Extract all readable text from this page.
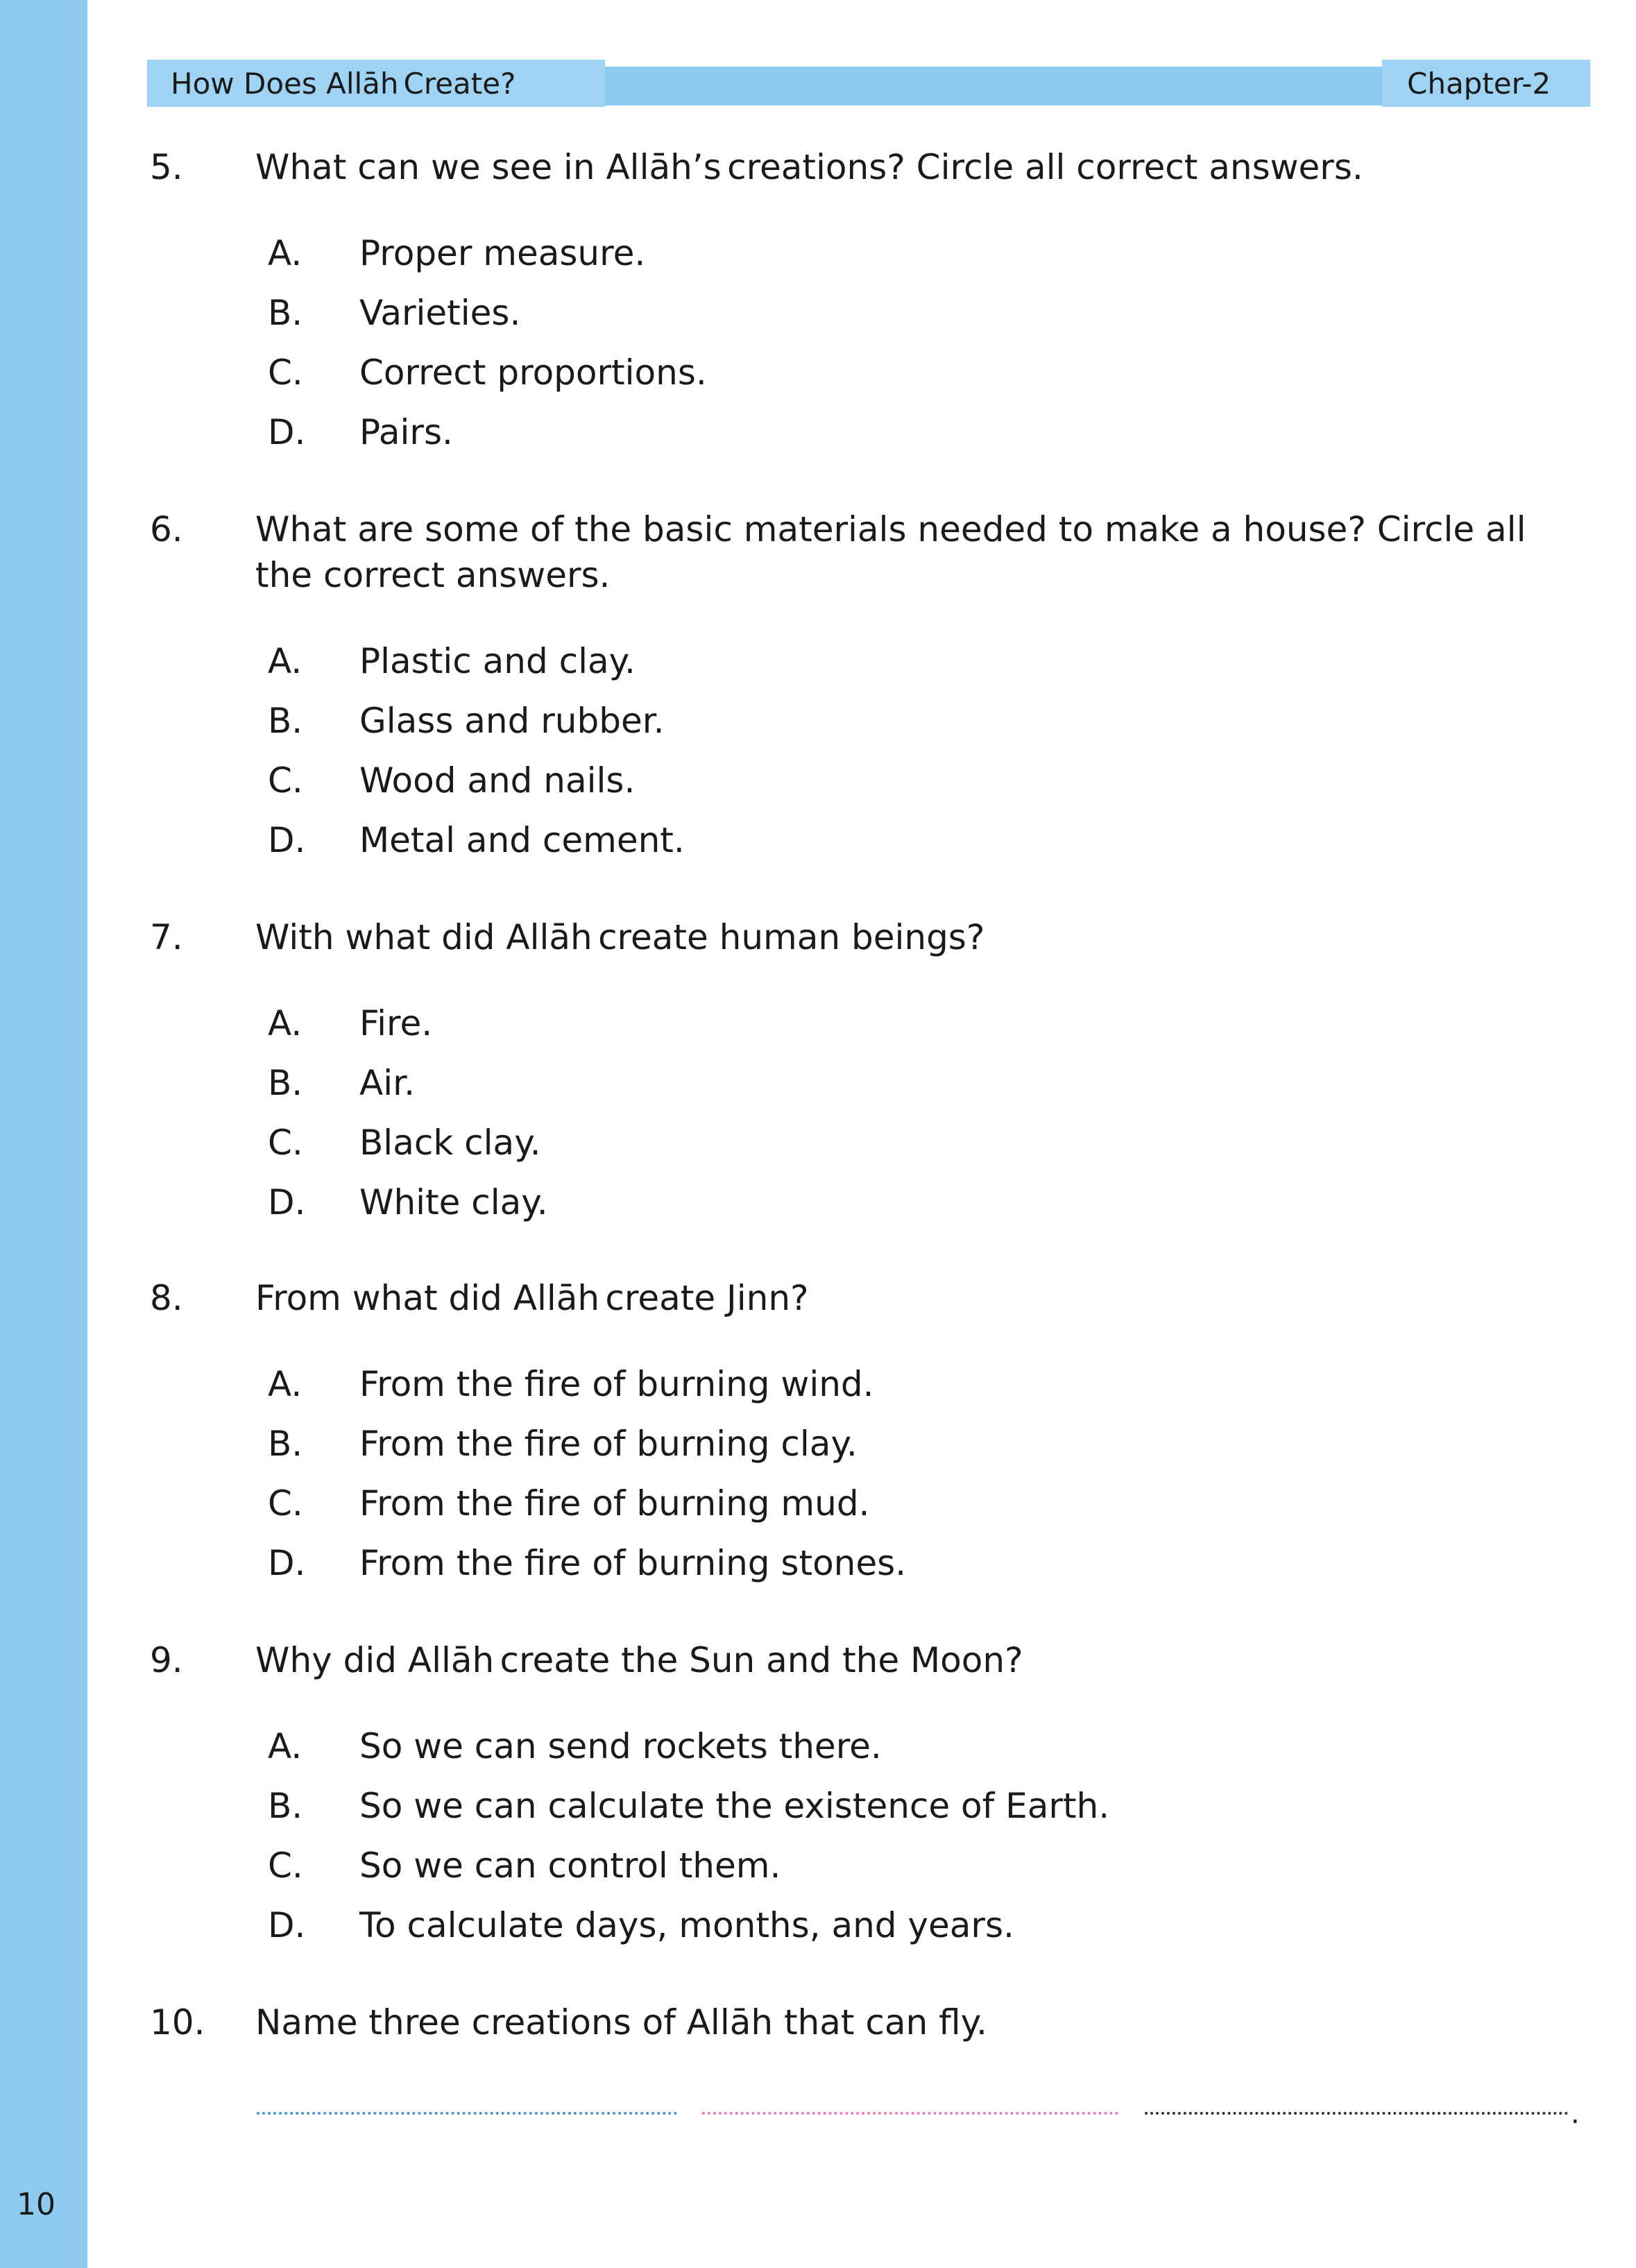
10
How Does Allāh Create?	Chapter-2
5. What can we see in Allāh’s creations? Circle all correct answers.
A. Proper measure.
B. Varieties.
C. Correct proportions.
D. Pairs.
6. What are some of the basic materials needed to make a house? Circle all the correct answers.
A. Plastic and clay.
B. Glass and rubber.
C. Wood and nails.
D. Metal and cement.
7. With what did Allāh create human beings?
A. Fire.
B. Air.
C. Black clay.
D. White clay.
8. From what did Allāh create Jinn?
A. From the fire of burning wind.
B. From the fire of burning clay.
C. From the fire of burning mud.
D. From the fire of burning stones.
9. Why did Allāh create the Sun and the Moon?
A. So we can send rockets there.
B. So we can calculate the existence of Earth.
C. So we can control them.
D. To calculate days, months, and years.
10. Name three creations of Allāh that can fly.
.
